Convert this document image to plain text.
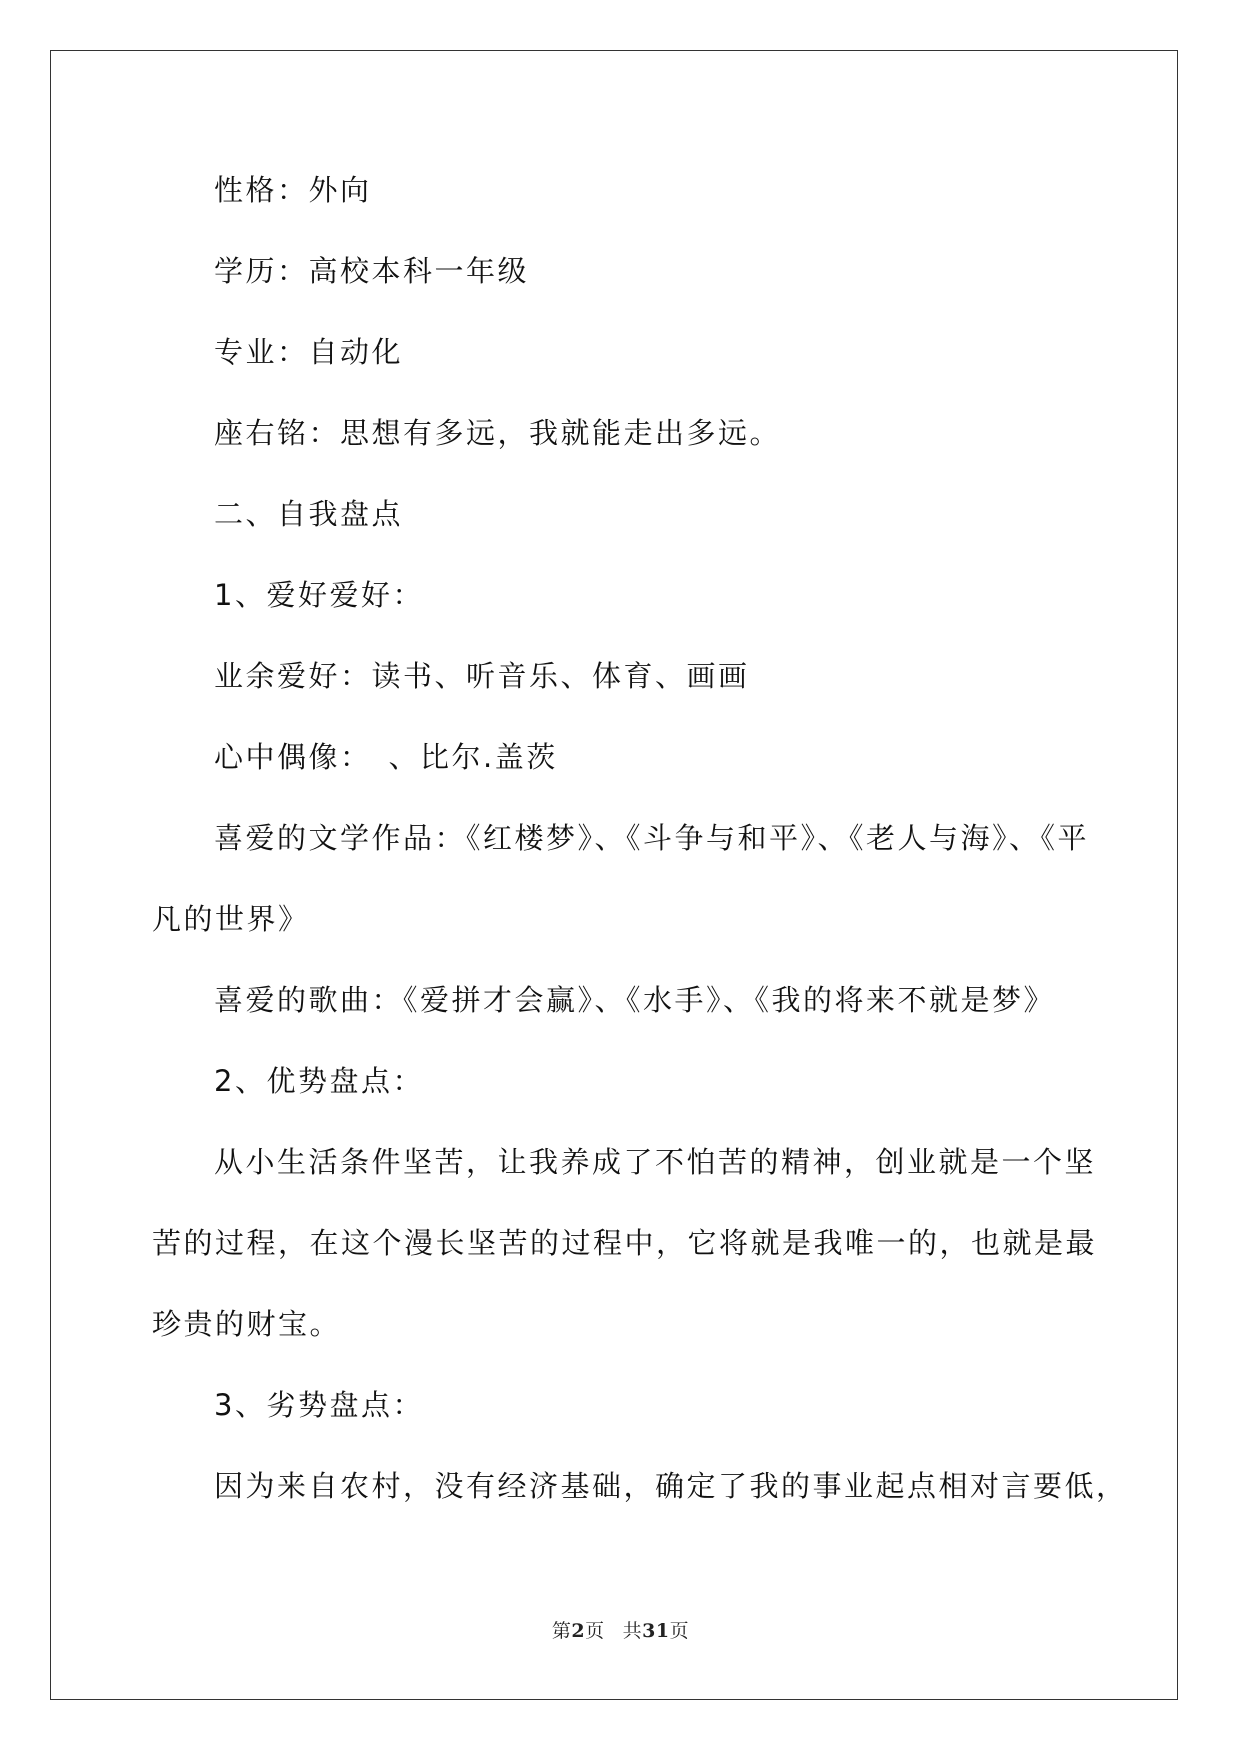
性格：外向

学历：高校本科一年级

专业：自动化

座右铭：思想有多远，我就能走出多远。

二、自我盘点

1、爱好爱好：

业余爱好：读书、听音乐、体育、画画

心中偶像：　、比尔.盖茨

喜爱的文学作品：《红楼梦》、《斗争与和平》、《老人与海》、《平

凡的世界》

喜爱的歌曲：《爱拼才会赢》、《水手》、《我的将来不就是梦》

2、优势盘点：

从小生活条件坚苦，让我养成了不怕苦的精神，创业就是一个坚

苦的过程，在这个漫长坚苦的过程中，它将就是我唯一的，也就是最

珍贵的财宝。

3、劣势盘点：

因为来自农村，没有经济基础，确定了我的事业起点相对言要低，

第2页 共31页
